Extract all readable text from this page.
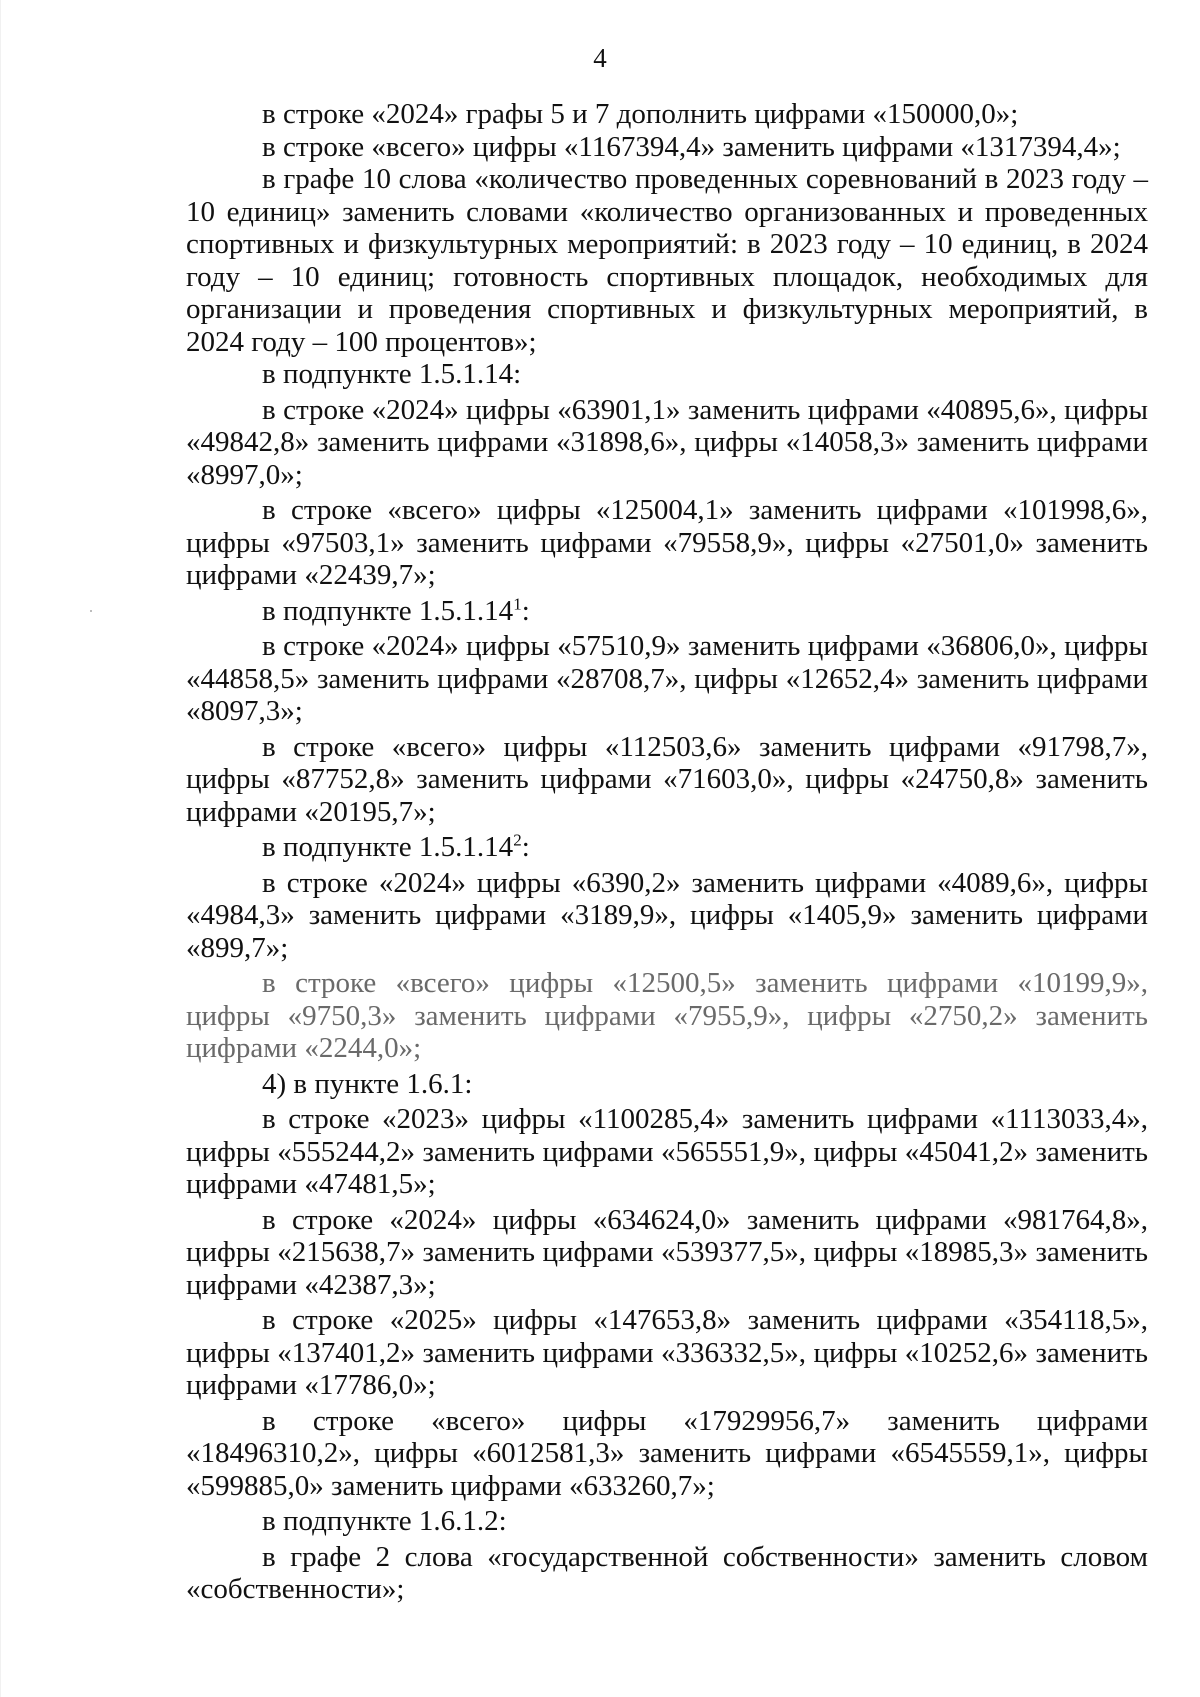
4

в строке «2024» графы 5 и 7 дополнить цифрами «150000,0»;

в строке «всего» цифры «1167394,4» заменить цифрами «1317394,4»;

в графе 10 слова «количество проведенных соревнований в 2023 году – 10 единиц» заменить словами «количество организованных и проведенных спортивных и физкультурных мероприятий: в 2023 году – 10 единиц, в 2024 году – 10 единиц; готовность спортивных площадок, необходимых для организации и проведения спортивных и физкультурных мероприятий, в 2024 году – 100 процентов»;

в подпункте 1.5.1.14:

в строке «2024» цифры «63901,1» заменить цифрами «40895,6», цифры «49842,8» заменить цифрами «31898,6», цифры «14058,3» заменить цифрами «8997,0»;

в строке «всего» цифры «125004,1» заменить цифрами «101998,6», цифры «97503,1» заменить цифрами «79558,9», цифры «27501,0» заменить цифрами «22439,7»;

в подпункте 1.5.1.14$^1$:

в строке «2024» цифры «57510,9» заменить цифрами «36806,0», цифры «44858,5» заменить цифрами «28708,7», цифры «12652,4» заменить цифрами «8097,3»;

в строке «всего» цифры «112503,6» заменить цифрами «91798,7», цифры «87752,8» заменить цифрами «71603,0», цифры «24750,8» заменить цифрами «20195,7»;

в подпункте 1.5.1.14$^2$:

в строке «2024» цифры «6390,2» заменить цифрами «4089,6», цифры «4984,3» заменить цифрами «3189,9», цифры «1405,9» заменить цифрами «899,7»;

в строке «всего» цифры «12500,5» заменить цифрами «10199,9», цифры «9750,3» заменить цифрами «7955,9», цифры «2750,2» заменить цифрами «2244,0»;

4) в пункте 1.6.1:

в строке «2023» цифры «1100285,4» заменить цифрами «1113033,4», цифры «555244,2» заменить цифрами «565551,9», цифры «45041,2» заменить цифрами «47481,5»;

в строке «2024» цифры «634624,0» заменить цифрами «981764,8», цифры «215638,7» заменить цифрами «539377,5», цифры «18985,3» заменить цифрами «42387,3»;

в строке «2025» цифры «147653,8» заменить цифрами «354118,5», цифры «137401,2» заменить цифрами «336332,5», цифры «10252,6» заменить цифрами «17786,0»;

в строке «всего» цифры «17929956,7» заменить цифрами «18496310,2», цифры «6012581,3» заменить цифрами «6545559,1», цифры «599885,0» заменить цифрами «633260,7»;

в подпункте 1.6.1.2:

в графе 2 слова «государственной собственности» заменить словом «собственности»;
